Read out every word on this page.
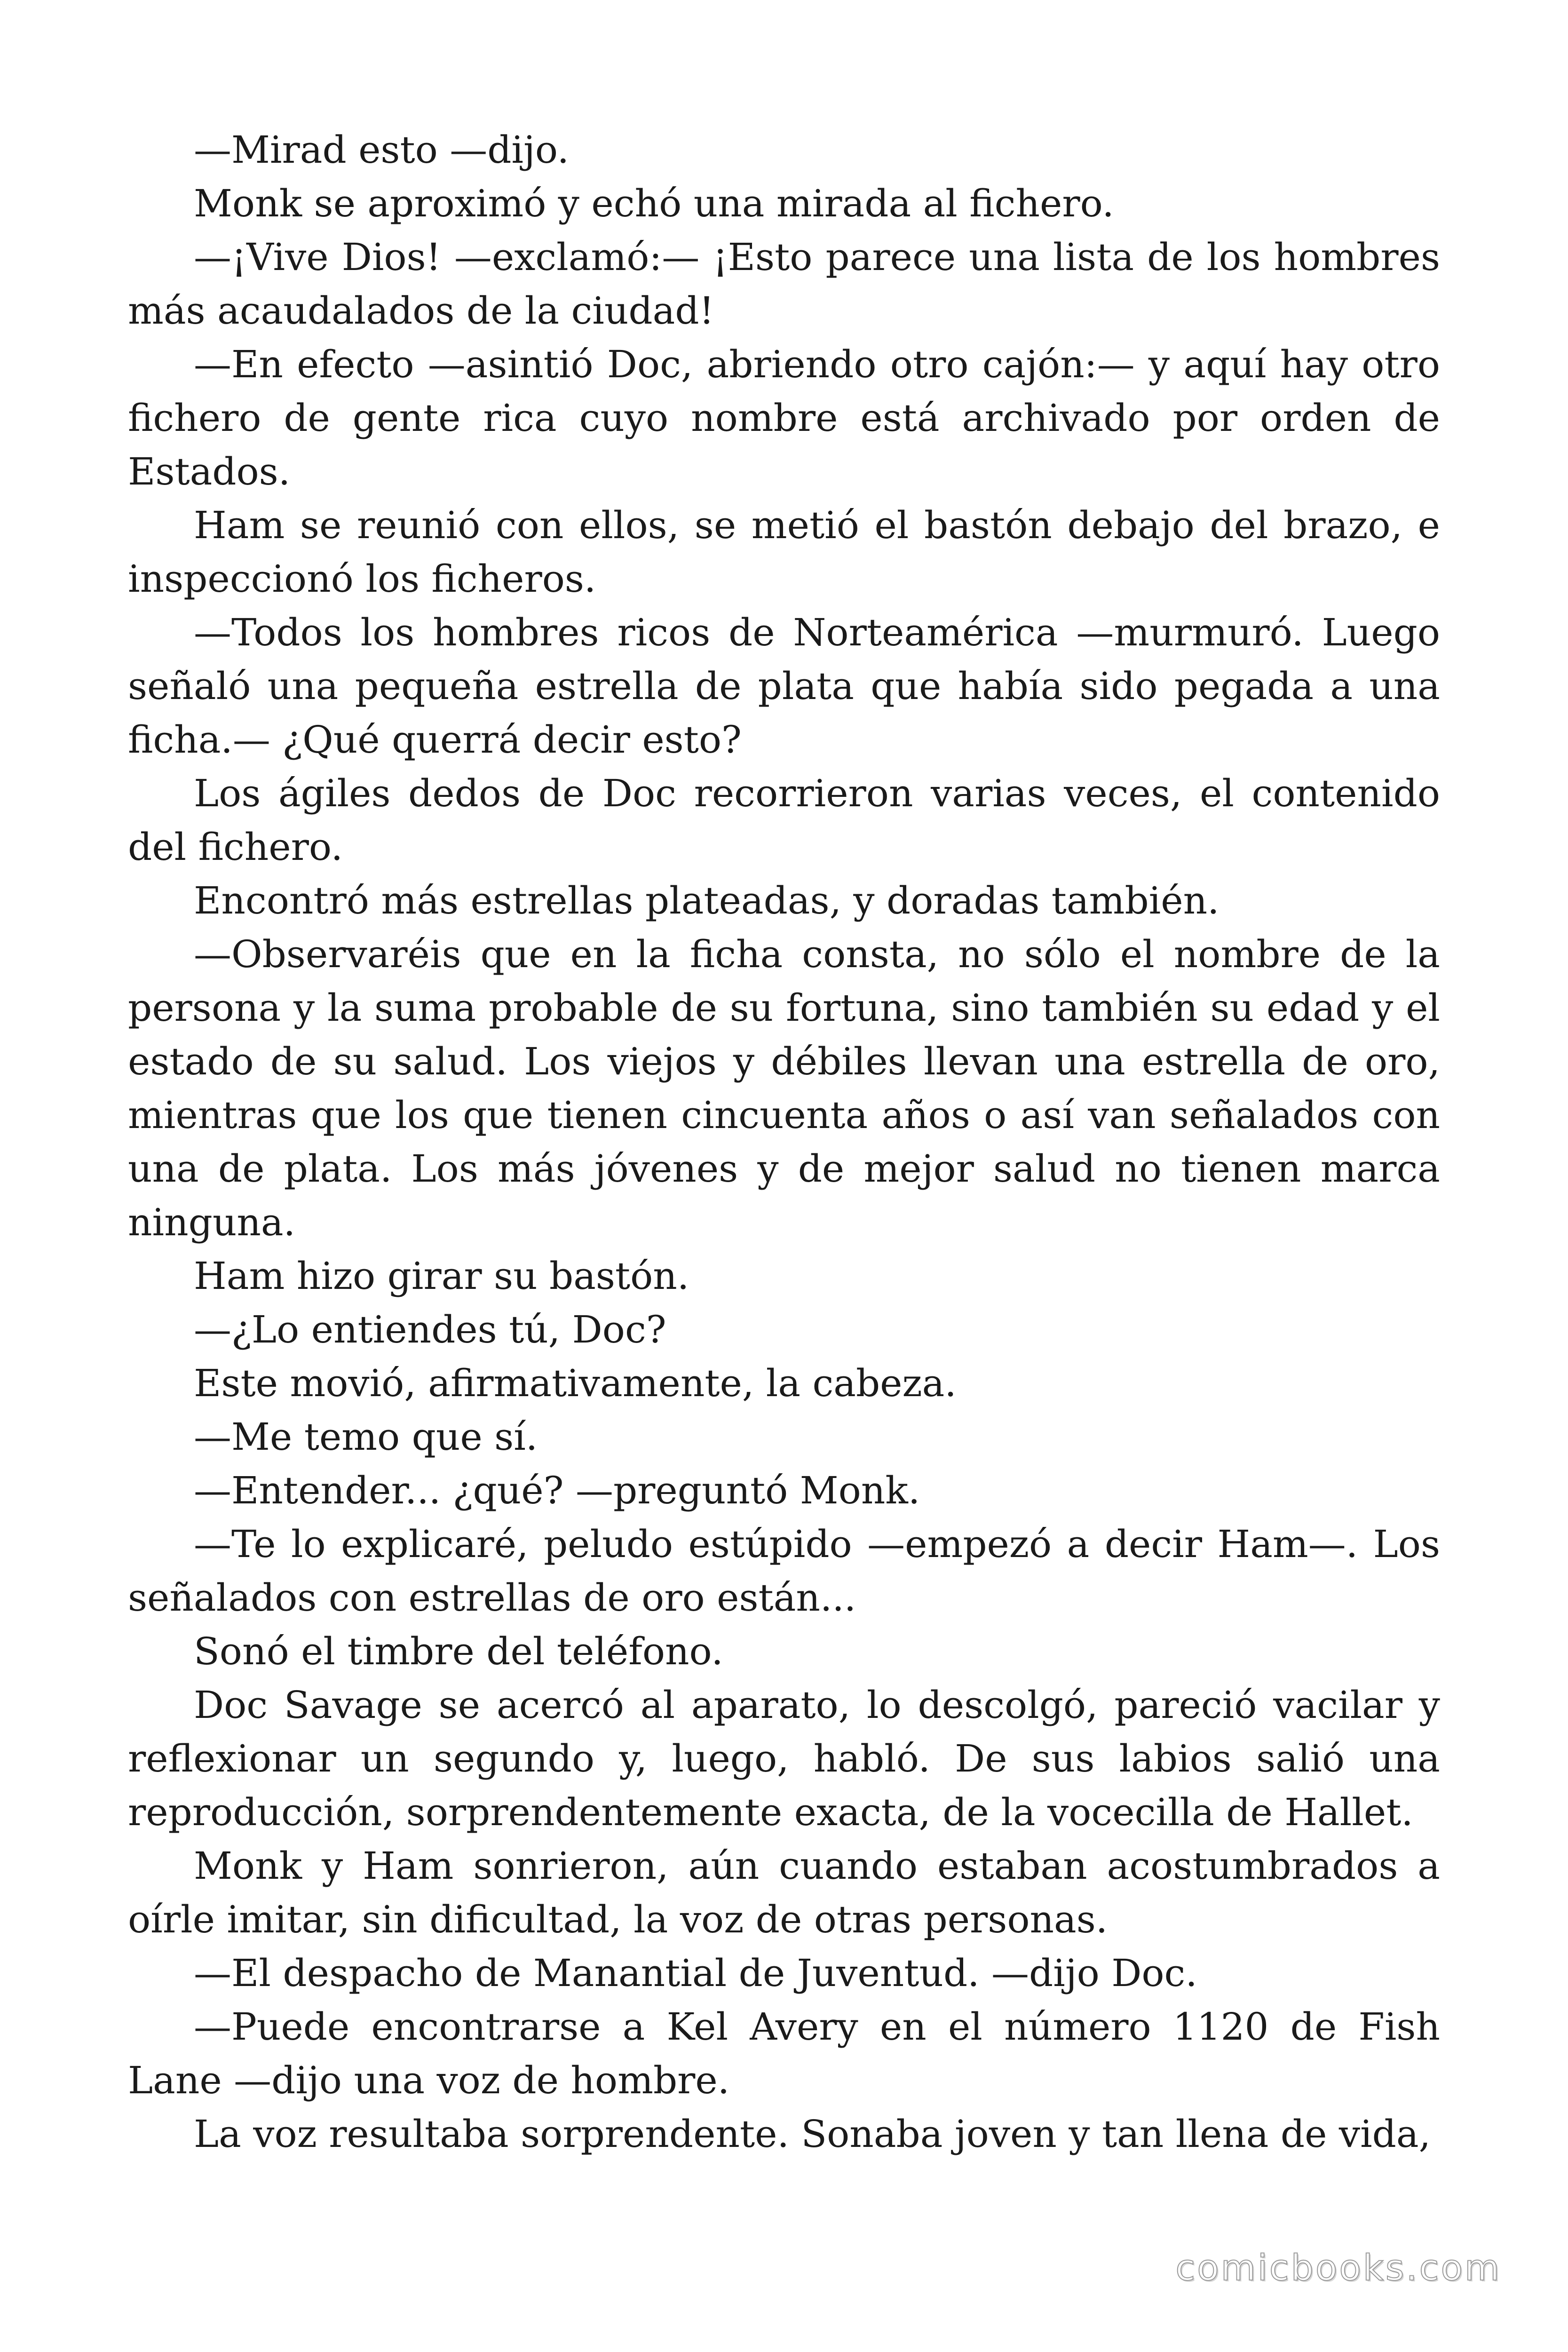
—Mirad esto —dijo.

Monk se aproximó y echó una mirada al fichero.

—¡Vive Dios! —exclamó:— ¡Esto parece una lista de los hombres más acaudalados de la ciudad!

—En efecto —asintió Doc, abriendo otro cajón:— y aquí hay otro fichero de gente rica cuyo nombre está archivado por orden de Estados.

Ham se reunió con ellos, se metió el bastón debajo del brazo, e inspeccionó los ficheros.

—Todos los hombres ricos de Norteamérica —murmuró. Luego señaló una pequeña estrella de plata que había sido pegada a una ficha.— ¿Qué querrá decir esto?

Los ágiles dedos de Doc recorrieron varias veces, el contenido del fichero.

Encontró más estrellas plateadas, y doradas también.

—Observaréis que en la ficha consta, no sólo el nombre de la persona y la suma probable de su fortuna, sino también su edad y el estado de su salud. Los viejos y débiles llevan una estrella de oro, mientras que los que tienen cincuenta años o así van señalados con una de plata. Los más jóvenes y de mejor salud no tienen marca ninguna.

Ham hizo girar su bastón.

—¿Lo entiendes tú, Doc?

Este movió, afirmativamente, la cabeza.

—Me temo que sí.

—Entender... ¿qué? —preguntó Monk.

—Te lo explicaré, peludo estúpido —empezó a decir Ham—. Los señalados con estrellas de oro están...

Sonó el timbre del teléfono.

Doc Savage se acercó al aparato, lo descolgó, pareció vacilar y reflexionar un segundo y, luego, habló. De sus labios salió una reproducción, sorprendentemente exacta, de la vocecilla de Hallet.

Monk y Ham sonrieron, aún cuando estaban acostumbrados a oírle imitar, sin dificultad, la voz de otras personas.

—El despacho de Manantial de Juventud. —dijo Doc.

—Puede encontrarse a Kel Avery en el número 1120 de Fish Lane —dijo una voz de hombre.

La voz resultaba sorprendente. Sonaba joven y tan llena de vida,

comicbooks.com
